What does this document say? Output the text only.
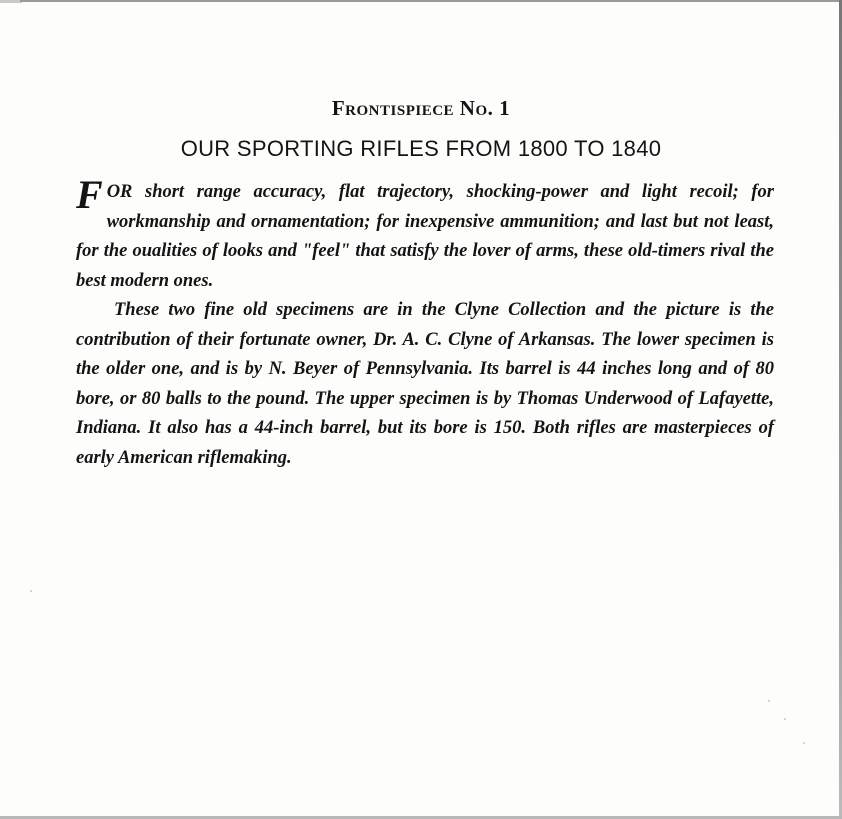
Frontispiece No. 1
OUR SPORTING RIFLES FROM 1800 TO 1840

FOR short range accuracy, flat trajectory, shocking-power and light recoil; for workmanship and ornamentation; for inexpensive ammunition; and last but not least, for the oualities of looks and "feel" that satisfy the lover of arms, these old-timers rival the best modern ones.

These two fine old specimens are in the Clyne Collection and the picture is the contribution of their fortunate owner, Dr. A. C. Clyne of Arkansas. The lower specimen is the older one, and is by N. Beyer of Pennsylvania. Its barrel is 44 inches long and of 80 bore, or 80 balls to the pound. The upper specimen is by Thomas Underwood of Lafayette, Indiana. It also has a 44-inch barrel, but its bore is 150. Both rifles are masterpieces of early American riflemaking.
